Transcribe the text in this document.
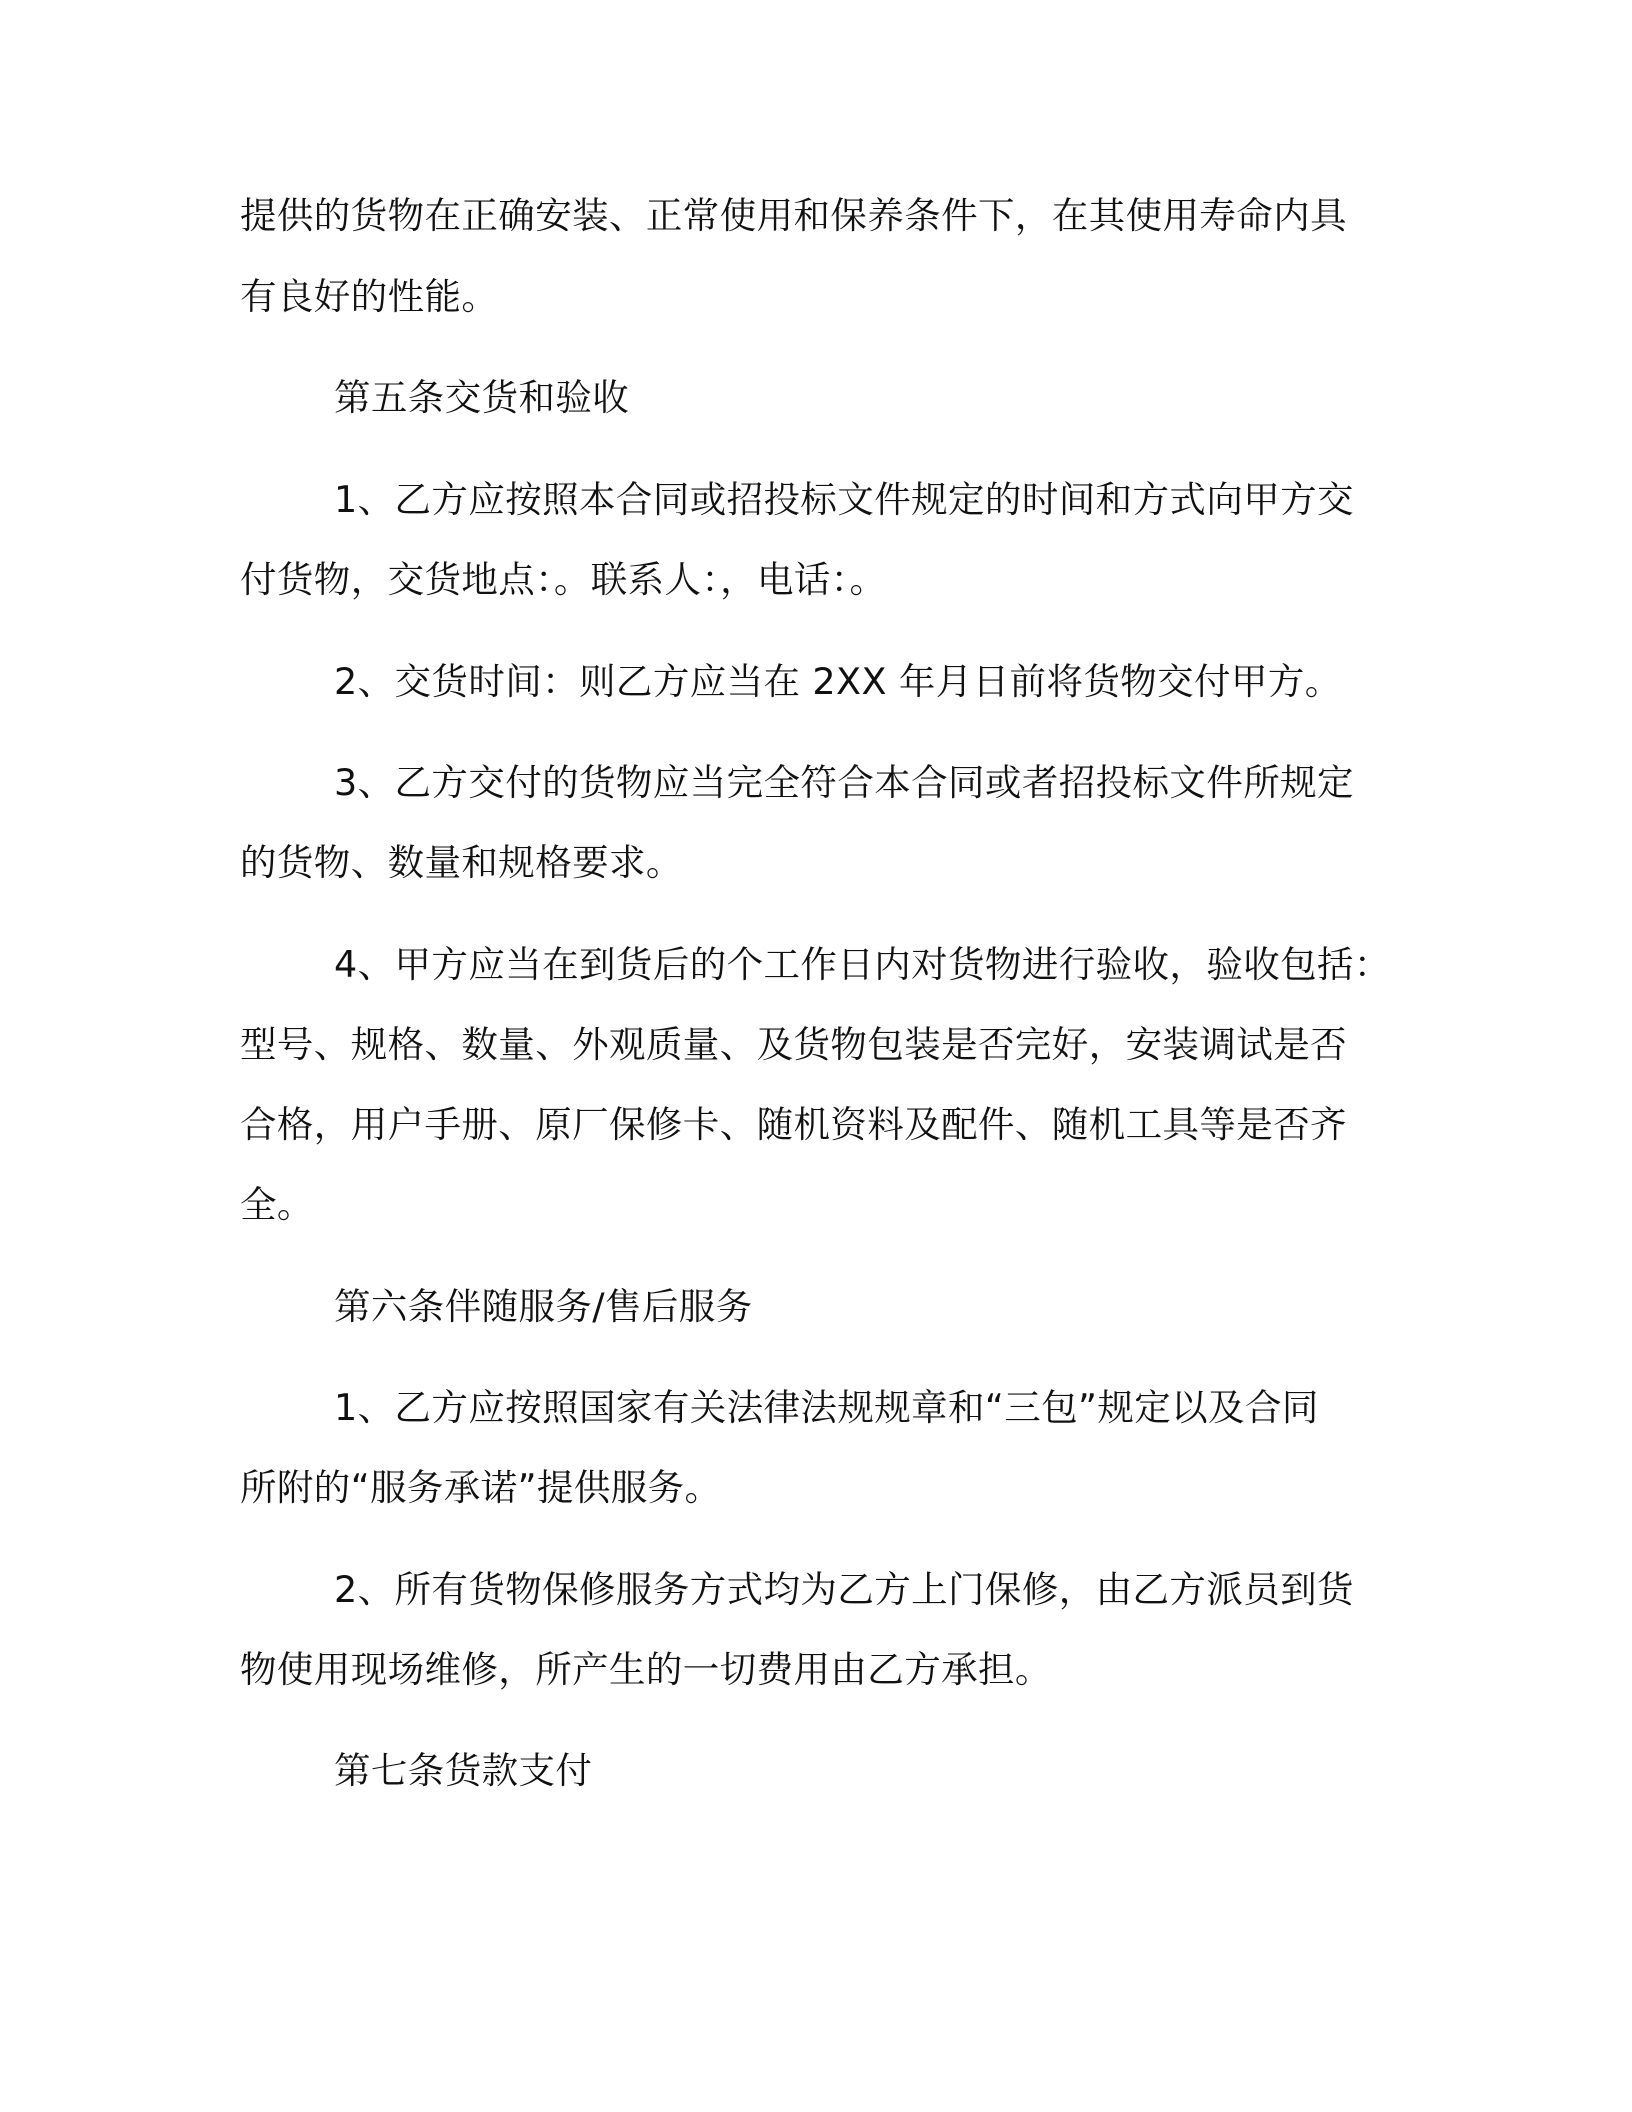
提供的货物在正确安装、正常使用和保养条件下，在其使用寿命内具
有良好的性能。
第五条交货和验收
1、乙方应按照本合同或招投标文件规定的时间和方式向甲方交
付货物，交货地点：。联系人：，电话：。
2、交货时间：则乙方应当在 2XX 年月日前将货物交付甲方。
3、乙方交付的货物应当完全符合本合同或者招投标文件所规定
的货物、数量和规格要求。
4、甲方应当在到货后的个工作日内对货物进行验收，验收包括：
型号、规格、数量、外观质量、及货物包装是否完好，安装调试是否
合格，用户手册、原厂保修卡、随机资料及配件、随机工具等是否齐
全。
第六条伴随服务/售后服务
1、乙方应按照国家有关法律法规规章和“三包”规定以及合同
所附的“服务承诺”提供服务。
2、所有货物保修服务方式均为乙方上门保修，由乙方派员到货
物使用现场维修，所产生的一切费用由乙方承担。
第七条货款支付
